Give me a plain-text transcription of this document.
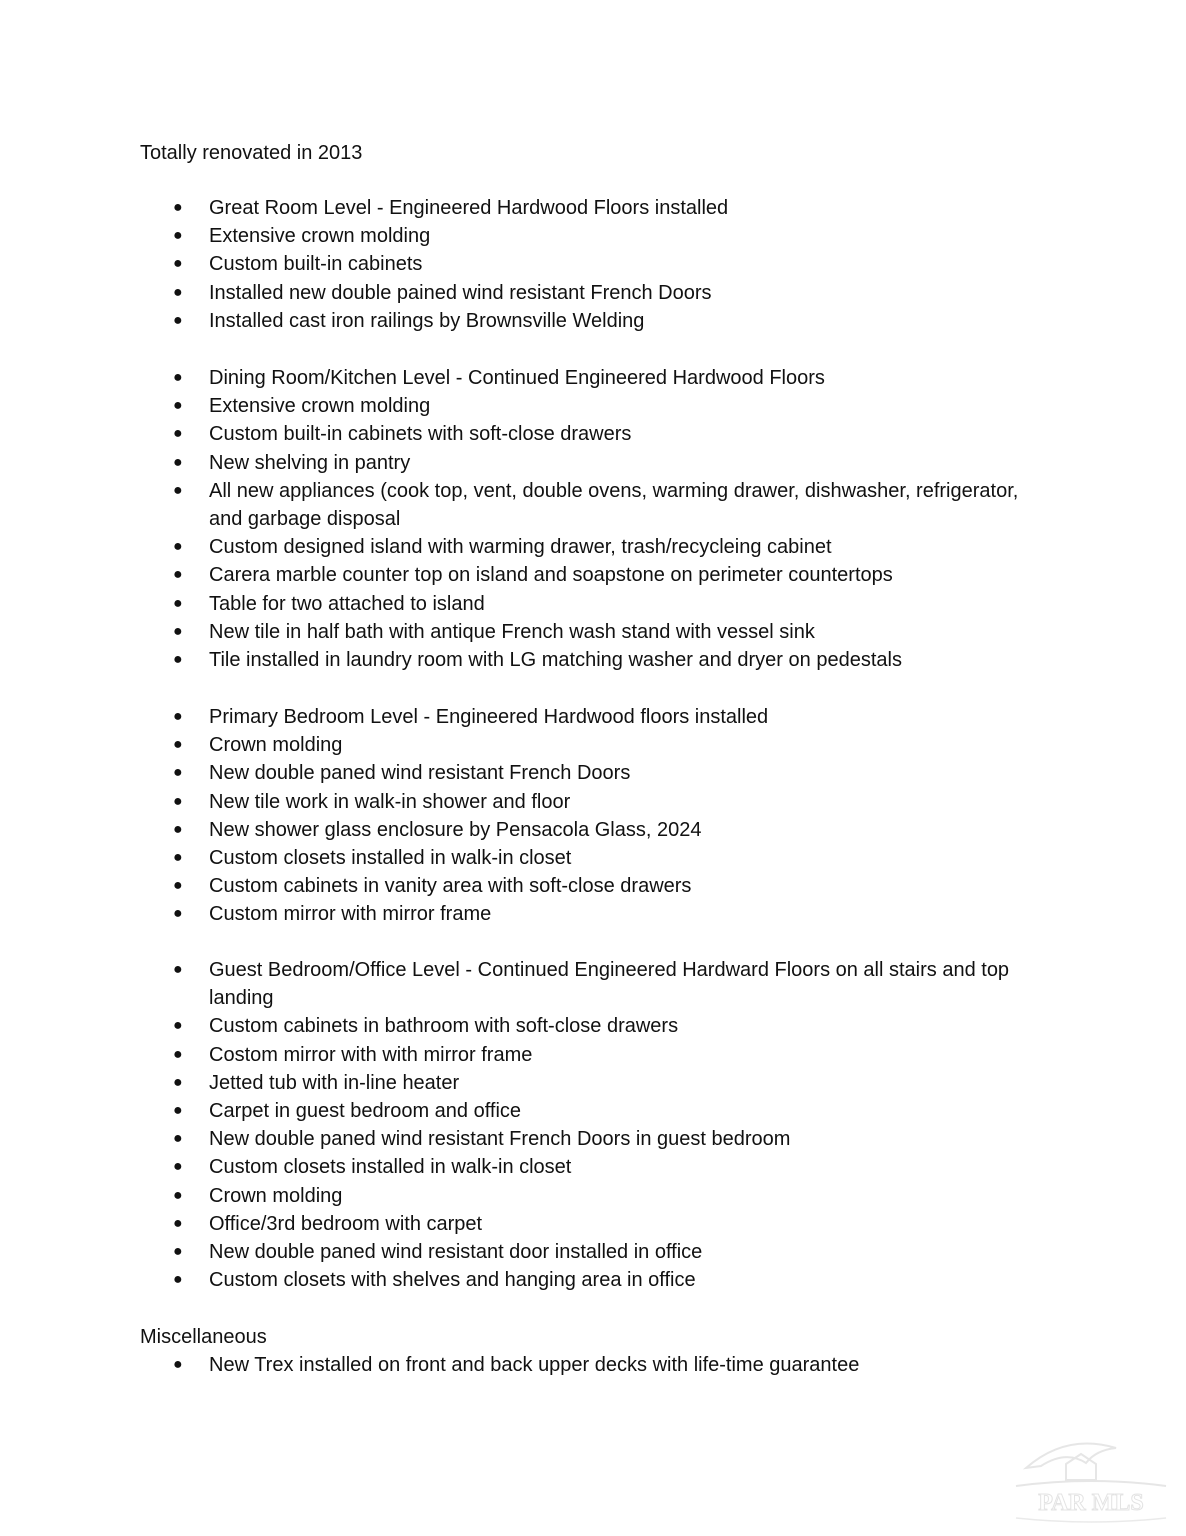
Totally renovated in 2013
●	Great Room Level - Engineered Hardwood Floors installed
●	Extensive crown molding
●	Custom built-in cabinets
●	Installed new double pained wind resistant French Doors
●	Installed cast iron railings by Brownsville Welding
●	Dining Room/Kitchen Level - Continued Engineered Hardwood Floors
●	Extensive crown molding
●	Custom built-in cabinets with soft-close drawers
●	New shelving in pantry
●	All new appliances (cook top, vent, double ovens, warming drawer, dishwasher, refrigerator, and garbage disposal
●	Custom designed island with warming drawer, trash/recycleing cabinet
●	Carera marble counter top on island and soapstone on perimeter countertops
●	Table for two attached to island
●	New tile in half bath with antique French wash stand with vessel sink
●	Tile installed in laundry room with LG matching washer and dryer on pedestals
●	Primary Bedroom Level - Engineered Hardwood floors installed
●	Crown molding
●	New double paned wind resistant French Doors
●	New tile work in walk-in shower and floor
●	New shower glass enclosure by Pensacola Glass, 2024
●	Custom closets installed in walk-in closet
●	Custom cabinets in vanity area with soft-close drawers
●	Custom mirror with mirror frame
●	Guest Bedroom/Office Level - Continued Engineered Hardward Floors on all stairs and top landing
●	Custom cabinets in bathroom with soft-close drawers
●	Costom mirror with with mirror frame
●	Jetted tub with in-line heater
●	Carpet in guest bedroom and office
●	New double paned wind resistant French Doors in guest bedroom
●	Custom closets installed in walk-in closet
●	Crown molding
●	Office/3rd bedroom with carpet
●	New double paned wind resistant door installed in office
●	Custom closets with shelves and hanging area in office
Miscellaneous
●	New Trex installed on front and back upper decks with life-time guarantee
PAR MLS
